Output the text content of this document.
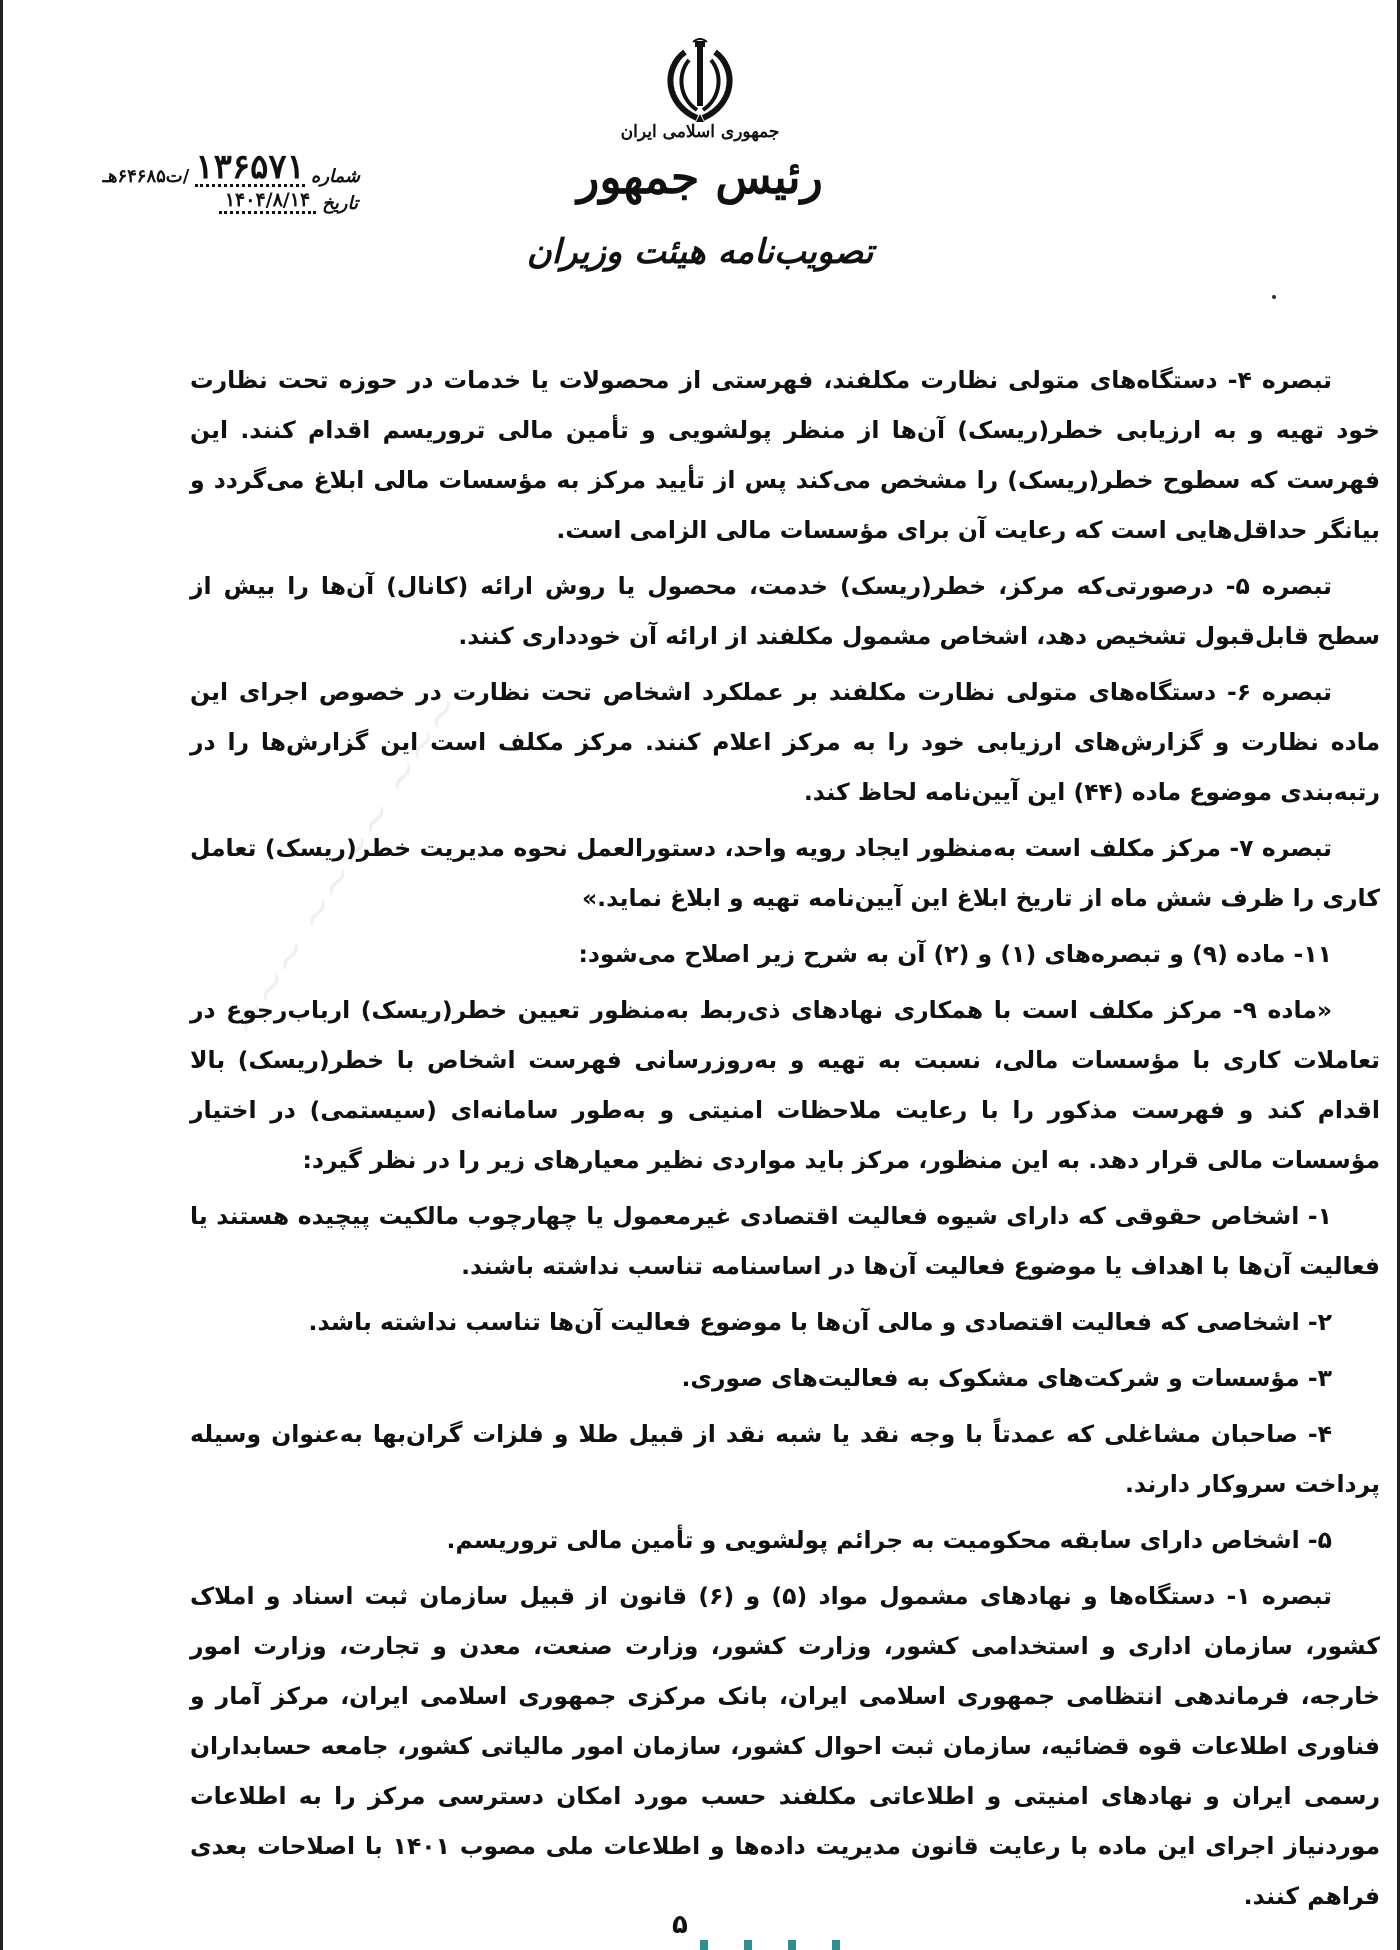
جمهوری اسلامی ایران
رئیس جمهور
تصویب‌نامه هیئت وزیران
شماره
۱۳۶۵۷۱
/ت۶۴۶۸۵هـ
تاریخ
۱۴۰۴/۸/۱۴
~~~ ~~~~ ~~~

تبصره ۴- دستگاه‌های متولی نظارت مکلفند، فهرستی از محصولات یا خدمات در حوزه تحت نظارت خود تهیه و به ارزیابی خطر(ریسک) آن‌ها از منظر پولشویی و تأمین مالی تروریسم اقدام کنند. این فهرست که سطوح خطر(ریسک) را مشخص می‌کند پس از تأیید مرکز به مؤسسات مالی ابلاغ می‌گردد و بیانگر حداقل‌هایی است که رعایت آن برای مؤسسات مالی الزامی است.

تبصره ۵- درصورتی‌که مرکز، خطر(ریسک) خدمت، محصول یا روش ارائه (کانال) آن‌ها را بیش از سطح قابل‌قبول تشخیص دهد، اشخاص مشمول مکلفند از ارائه آن خودداری کنند.

تبصره ۶- دستگاه‌های متولی نظارت مکلفند بر عملکرد اشخاص تحت نظارت در خصوص اجرای این ماده نظارت و گزارش‌های ارزیابی خود را به مرکز اعلام کنند. مرکز مکلف است این گزارش‌ها را در رتبه‌بندی موضوع ماده (۴۴) این آیین‌نامه لحاظ کند.

تبصره ۷- مرکز مکلف است به‌منظور ایجاد رویه واحد، دستورالعمل نحوه مدیریت خطر(ریسک) تعامل کاری را ظرف شش ماه از تاریخ ابلاغ این آیین‌نامه تهیه و ابلاغ نماید.»

۱۱- ماده (۹) و تبصره‌های (۱) و (۲) آن به شرح زیر اصلاح می‌شود:

«ماده ۹- مرکز مکلف است با همکاری نهادهای ذی‌ربط به‌منظور تعیین خطر(ریسک) ارباب‌رجوع در تعاملات کاری با مؤسسات مالی، نسبت به تهیه و به‌روزرسانی فهرست اشخاص با خطر(ریسک) بالا اقدام کند و فهرست مذکور را با رعایت ملاحظات امنیتی و به‌طور سامانه‌ای (سیستمی) در اختیار مؤسسات مالی قرار دهد. به این منظور، مرکز باید مواردی نظیر معیارهای زیر را در نظر گیرد:

۱- اشخاص حقوقی که دارای شیوه فعالیت اقتصادی غیرمعمول یا چهارچوب مالکیت پیچیده هستند یا فعالیت آن‌ها با اهداف یا موضوع فعالیت آن‌ها در اساسنامه تناسب نداشته باشند.

۲- اشخاصی که فعالیت اقتصادی و مالی آن‌ها با موضوع فعالیت آن‌ها تناسب نداشته باشد.

۳- مؤسسات و شرکت‌های مشکوک به فعالیت‌های صوری.

۴- صاحبان مشاغلی که عمدتاً با وجه نقد یا شبه نقد از قبیل طلا و فلزات گران‌بها به‌عنوان وسیله پرداخت سروکار دارند.

۵- اشخاص دارای سابقه محکومیت به جرائم پولشویی و تأمین مالی تروریسم.

تبصره ۱- دستگاه‌ها و نهادهای مشمول مواد (۵) و (۶) قانون از قبیل سازمان ثبت اسناد و املاک کشور، سازمان اداری و استخدامی کشور، وزارت کشور، وزارت صنعت، معدن و تجارت، وزارت امور خارجه، فرماندهی انتظامی جمهوری اسلامی ایران، بانک مرکزی جمهوری اسلامی ایران، مرکز آمار و فناوری اطلاعات قوه قضائیه، سازمان ثبت احوال کشور، سازمان امور مالیاتی کشور، جامعه حسابداران رسمی ایران و نهادهای امنیتی و اطلاعاتی مکلفند حسب مورد امکان دسترسی مرکز را به اطلاعات موردنیاز اجرای این ماده با رعایت قانون مدیریت داده‌ها و اطلاعات ملی مصوب ۱۴۰۱ با اصلاحات بعدی فراهم کنند.

۵
